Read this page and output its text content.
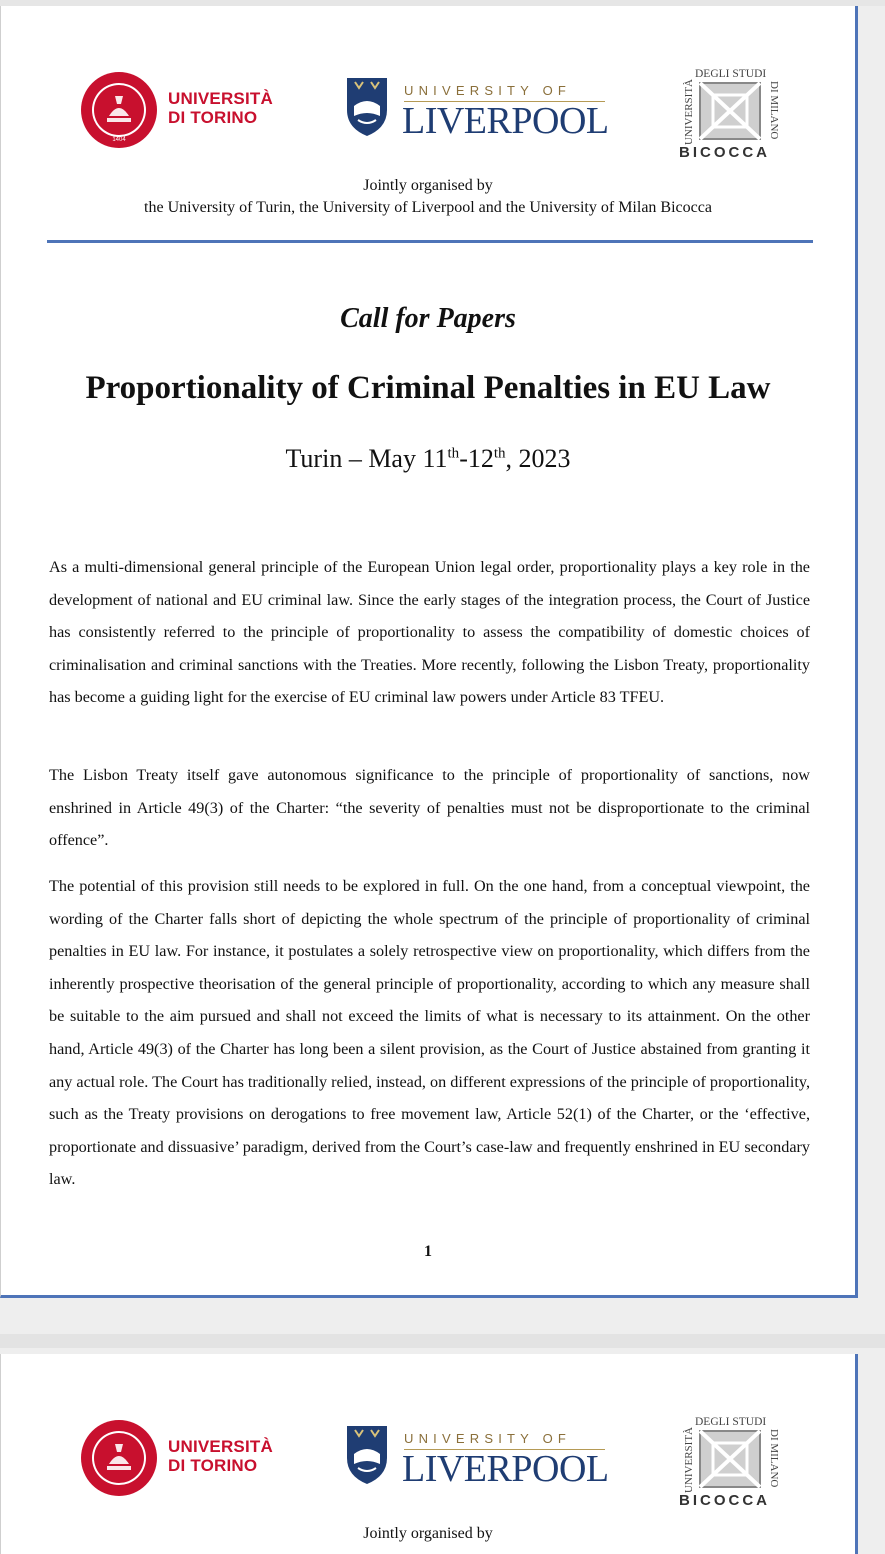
1404
UNIVERSITÀ
DI TORINO
UNIVERSITY OF
LIVERPOOL	UNIVERSITÀ
DEGLI STUDI
DI MILANO
BICOCCA
Jointly organised by
the University of Turin, the University of Liverpool and the University of Milan Bicocca
Call for Papers
Proportionality of Criminal Penalties in EU Law
Turin – May 11th-12th, 2023

As a multi-dimensional general principle of the European Union legal order, proportionality plays a key role in the development of national and EU criminal law. Since the early stages of the integration process, the Court of Justice has consistently referred to the principle of proportionality to assess the compatibility of domestic choices of criminalisation and criminal sanctions with the Treaties. More recently, following the Lisbon Treaty, proportionality has become a guiding light for the exercise of EU criminal law powers under Article 83 TFEU.

The Lisbon Treaty itself gave autonomous significance to the principle of proportionality of sanctions, now enshrined in Article 49(3) of the Charter: “the severity of penalties must not be disproportionate to the criminal offence”.

The potential of this provision still needs to be explored in full. On the one hand, from a conceptual viewpoint, the wording of the Charter falls short of depicting the whole spectrum of the principle of proportionality of criminal penalties in EU law. For instance, it postulates a solely retrospective view on proportionality, which differs from the inherently prospective theorisation of the general principle of proportionality, according to which any measure shall be suitable to the aim pursued and shall not exceed the limits of what is necessary to its attainment. On the other hand, Article 49(3) of the Charter has long been a silent provision, as the Court of Justice abstained from granting it any actual role. The Court has traditionally relied, instead, on different expressions of the principle of proportionality, such as the Treaty provisions on derogations to free movement law, Article 52(1) of the Charter, or the ‘effective, proportionate and dissuasive’ paradigm, derived from the Court’s case-law and frequently enshrined in EU secondary law.

1
UNIVERSITÀ
DI TORINO
UNIVERSITY OF
LIVERPOOL	UNIVERSITÀ
DEGLI STUDI
DI MILANO
BICOCCA
Jointly organised by
